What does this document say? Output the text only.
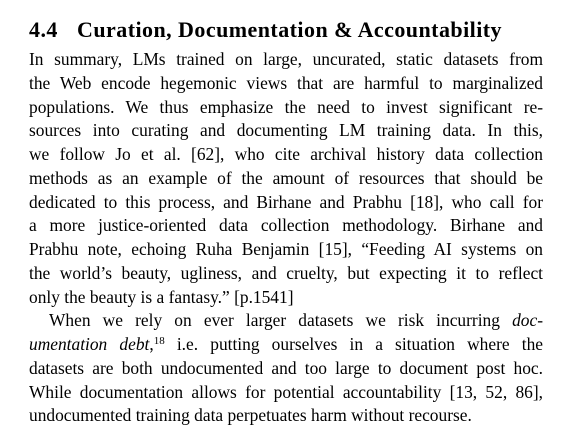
4.4 Curation, Documentation & Accountability
In summary, LMs trained on large, uncurated, static datasets from
the Web encode hegemonic views that are harmful to marginalized
populations. We thus emphasize the need to invest significant re-
sources into curating and documenting LM training data. In this,
we follow Jo et al. [62], who cite archival history data collection
methods as an example of the amount of resources that should be
dedicated to this process, and Birhane and Prabhu [18], who call for
a more justice-oriented data collection methodology. Birhane and
Prabhu note, echoing Ruha Benjamin [15], “Feeding AI systems on
the world’s beauty, ugliness, and cruelty, but expecting it to reflect
only the beauty is a fantasy.” [p.1541]
When we rely on ever larger datasets we risk incurring doc-
umentation debt,$^{18}$ i.e. putting ourselves in a situation where the
datasets are both undocumented and too large to document post hoc.
While documentation allows for potential accountability [13, 52, 86],
undocumented training data perpetuates harm without recourse.
